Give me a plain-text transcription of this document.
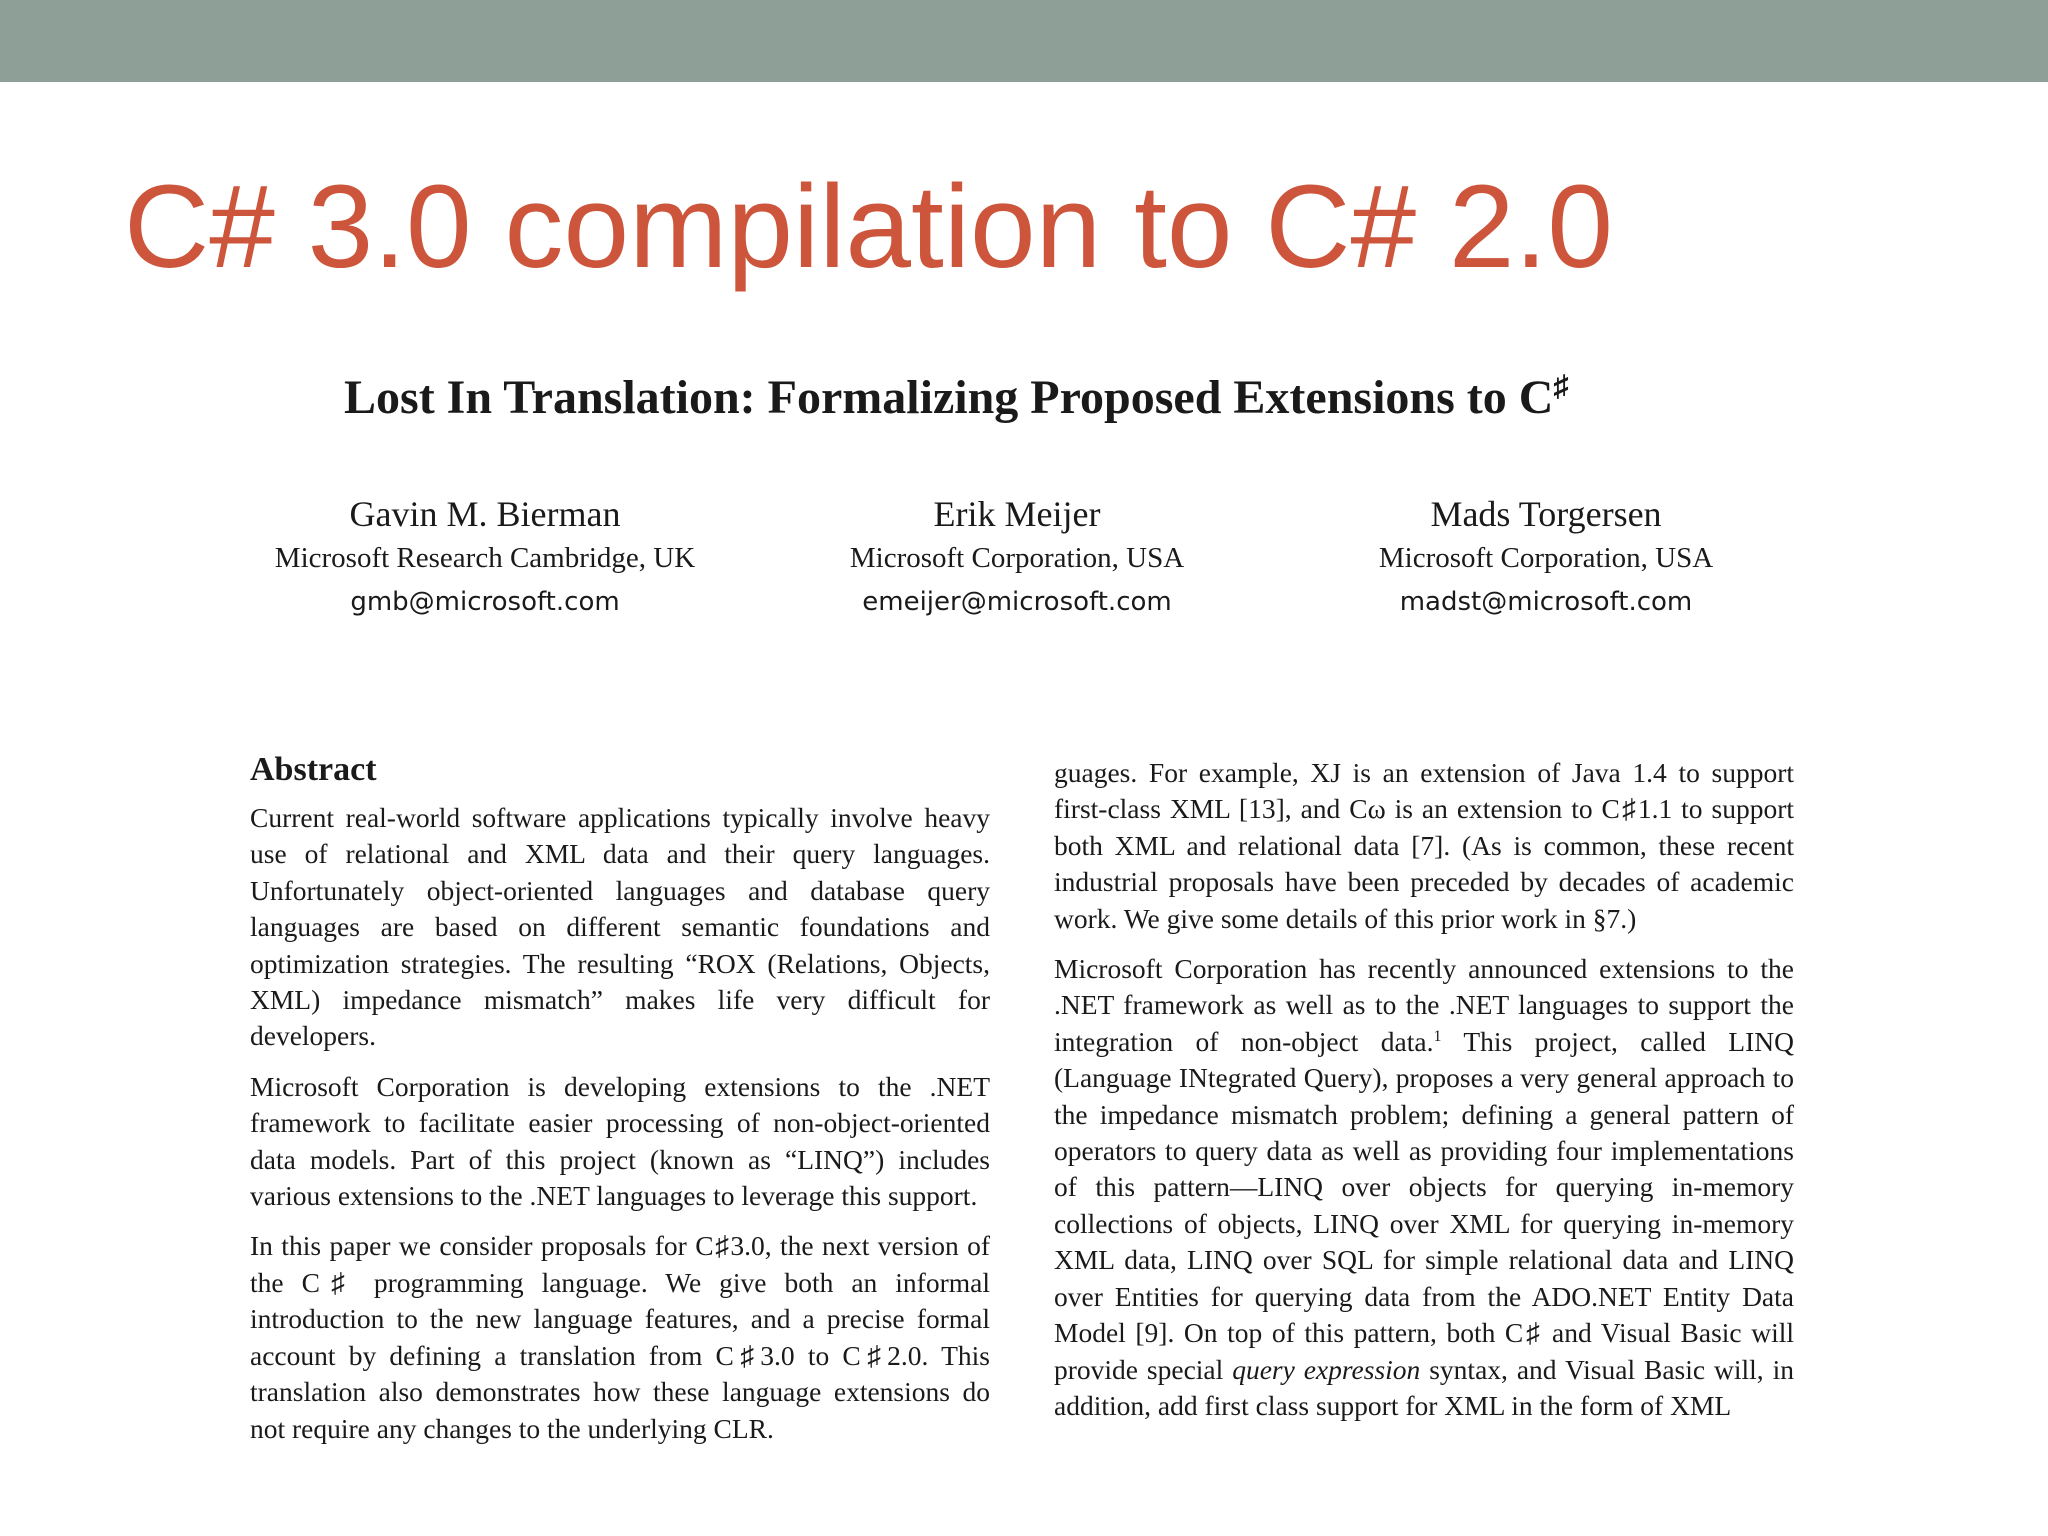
C# 3.0 compilation to C# 2.0
Lost In Translation: Formalizing Proposed Extensions to C♯
Gavin M. Bierman
Microsoft Research Cambridge, UK
gmb@microsoft.com
Erik Meijer
Microsoft Corporation, USA
emeijer@microsoft.com
Mads Torgersen
Microsoft Corporation, USA
madst@microsoft.com
Abstract

Current real-world software applications typically involve heavy use of relational and XML data and their query languages. Unfortunately object-oriented languages and database query languages are based on different semantic foundations and optimization strategies. The resulting “ROX (Relations, Objects, XML) impedance mismatch” makes life very difficult for developers.

Microsoft Corporation is developing extensions to the .NET framework to facilitate easier processing of non-object-oriented data models. Part of this project (known as “LINQ”) includes various extensions to the .NET languages to leverage this support.

In this paper we consider proposals for C♯3.0, the next version of the C♯ programming language. We give both an informal introduction to the new language features, and a precise formal account by defining a translation from C♯3.0 to C♯2.0. This translation also demonstrates how these language extensions do not require any changes to the underlying CLR.

guages. For example, XJ is an extension of Java 1.4 to support first-class XML [13], and Cω is an extension to C♯1.1 to support both XML and relational data [7]. (As is common, these recent industrial proposals have been preceded by decades of academic work. We give some details of this prior work in §7.)

Microsoft Corporation has recently announced extensions to the .NET framework as well as to the .NET languages to support the integration of non-object data.$^1$ This project, called LINQ (Language INtegrated Query), proposes a very general approach to the impedance mismatch problem; defining a general pattern of operators to query data as well as providing four implementations of this pattern—LINQ over objects for querying in-memory collections of objects, LINQ over XML for querying in-memory XML data, LINQ over SQL for simple relational data and LINQ over Entities for querying data from the ADO.NET Entity Data Model [9]. On top of this pattern, both C♯ and Visual Basic will provide special query expression syntax, and Visual Basic will, in addition, add first class support for XML in the form of XML
